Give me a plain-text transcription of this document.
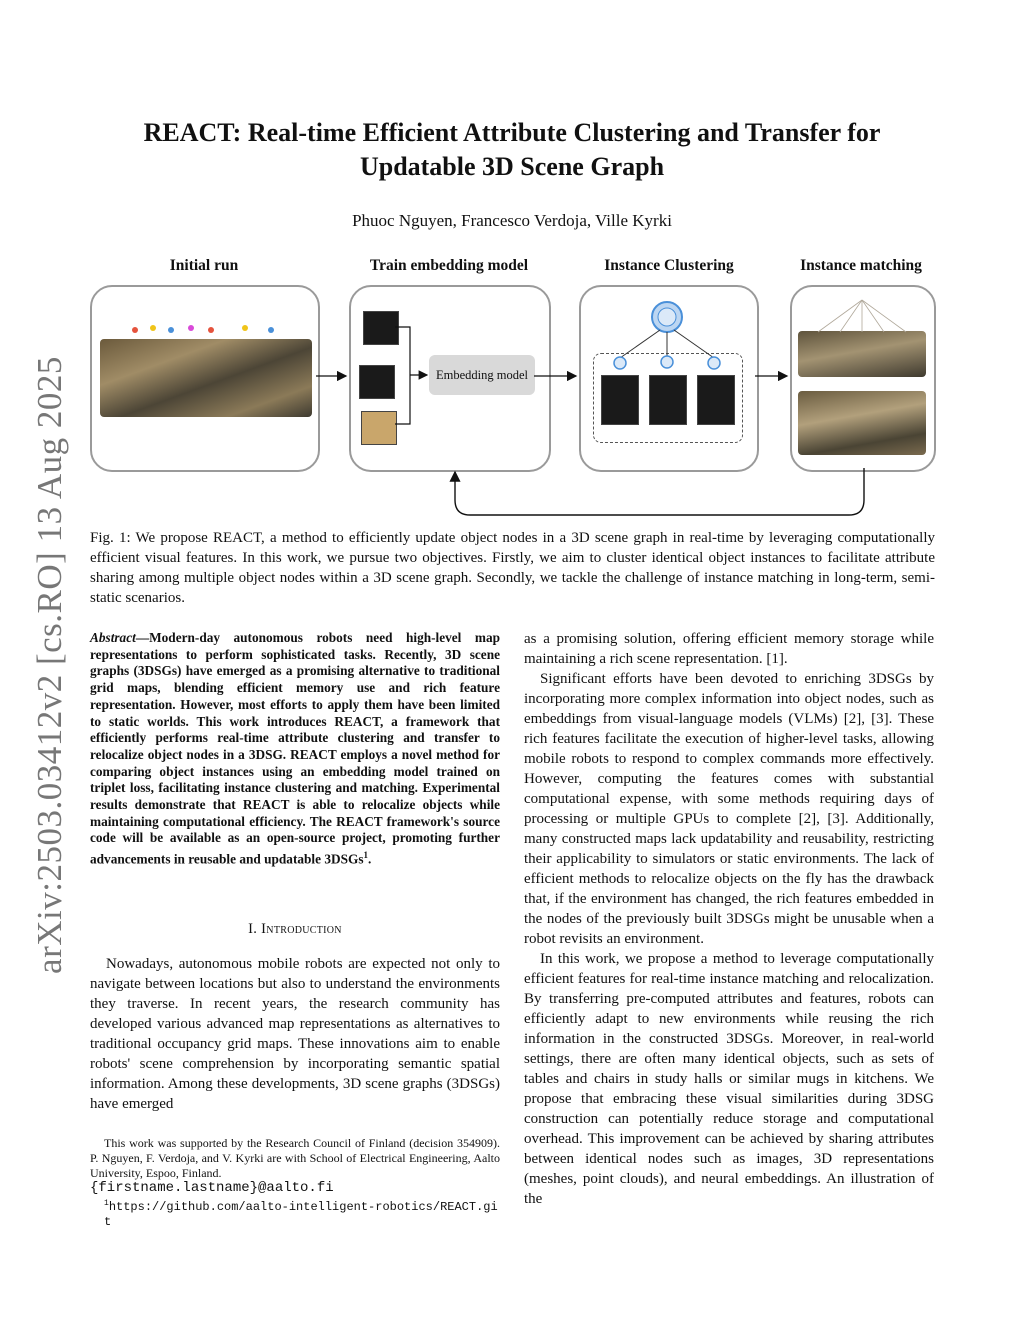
arXiv:2503.03412v2 [cs.RO] 13 Aug 2025
REACT: Real-time Efficient Attribute Clustering and Transfer for
Updatable 3D Scene Graph
Phuoc Nguyen, Francesco Verdoja, Ville Kyrki
Initial run	Train embedding model	Instance Clustering	Instance matching
Embedding model
Fig. 1: We propose REACT, a method to efficiently update object nodes in a 3D scene graph in real-time by leveraging computationally efficient visual features. In this work, we pursue two objectives. Firstly, we aim to cluster identical object instances to facilitate attribute sharing among multiple object nodes within a 3D scene graph. Secondly, we tackle the challenge of instance matching in long-term, semi-static scenarios.
Abstract—Modern-day autonomous robots need high-level map representations to perform sophisticated tasks. Recently, 3D scene graphs (3DSGs) have emerged as a promising alternative to traditional grid maps, blending efficient memory use and rich feature representation. However, most efforts to apply them have been limited to static worlds. This work introduces REACT, a framework that efficiently performs real-time attribute clustering and transfer to relocalize object nodes in a 3DSG. REACT employs a novel method for comparing object instances using an embedding model trained on triplet loss, facilitating instance clustering and matching. Experimental results demonstrate that REACT is able to relocalize objects while maintaining computational efficiency. The REACT framework's source code will be available as an open-source project, promoting further advancements in reusable and updatable 3DSGs$^1$.
I. Introduction

Nowadays, autonomous mobile robots are expected not only to navigate between locations but also to understand the environments they traverse. In recent years, the research community has developed various advanced map representations as alternatives to traditional occupancy grid maps. These innovations aim to enable robots' scene comprehension by incorporating semantic spatial information. Among these developments, 3D scene graphs (3DSGs) have emerged

This work was supported by the Research Council of Finland (decision 354909). P. Nguyen, F. Verdoja, and V. Kyrki are with School of Electrical Engineering, Aalto University, Espoo, Finland.
{firstname.lastname}@aalto.fi
$^1$https://github.com/aalto-intelligent-robotics/REACT.git

as a promising solution, offering efficient memory storage while maintaining a rich scene representation. [1].

Significant efforts have been devoted to enriching 3DSGs by incorporating more complex information into object nodes, such as embeddings from visual-language models (VLMs) [2], [3]. These rich features facilitate the execution of higher-level tasks, allowing mobile robots to respond to complex commands more effectively. However, computing the features comes with substantial computational expense, with some methods requiring days of processing or multiple GPUs to complete [2], [3]. Additionally, many constructed maps lack updatability and reusability, restricting their applicability to simulators or static environments. The lack of efficient methods to relocalize objects on the fly has the drawback that, if the environment has changed, the rich features embedded in the nodes of the previously built 3DSGs might be unusable when a robot revisits an environment.

In this work, we propose a method to leverage computationally efficient features for real-time instance matching and relocalization. By transferring pre-computed attributes and features, robots can efficiently adapt to new environments while reusing the rich information in the constructed 3DSGs. Moreover, in real-world settings, there are often many identical objects, such as sets of tables and chairs in study halls or similar mugs in kitchens. We propose that embracing these visual similarities during 3DSG construction can potentially reduce storage and computational overhead. This improvement can be achieved by sharing attributes between identical nodes such as images, 3D representations (meshes, point clouds), and neural embeddings. An illustration of the
